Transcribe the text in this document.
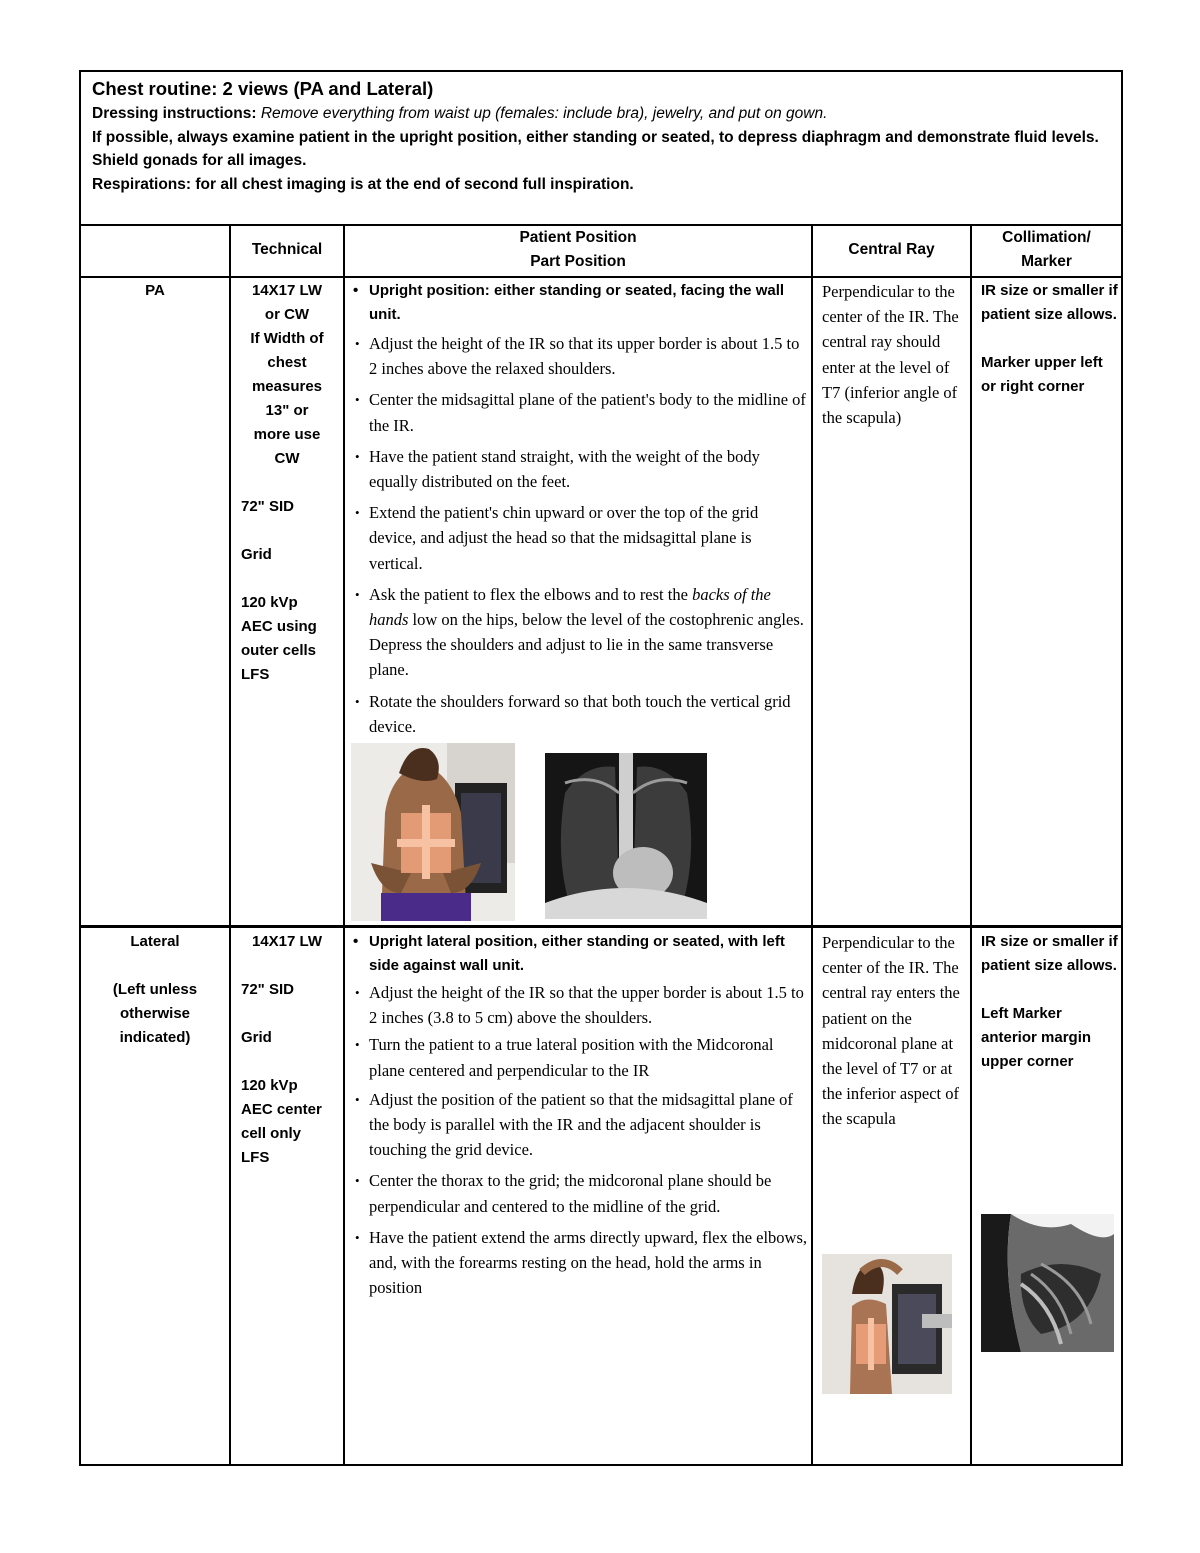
Chest routine: 2 views (PA and Lateral)
Dressing instructions: Remove everything from waist up (females: include bra), jewelry, and put on gown.
If possible, always examine patient in the upright position, either standing or seated, to depress diaphragm and demonstrate fluid levels.
Shield gonads for all images.
Respirations: for all chest imaging is at the end of second full inspiration.
Technical
Patient Position
Part Position
Central Ray
Collimation/
Marker
PA	14X17 LW
or CW
If Width of
chest
measures
13" or
more use
CW
72" SID
Grid
120 kVp
AEC using
outer cells
LFS
• Upright position: either standing or seated, facing the wall unit.
• Adjust the height of the IR so that its upper border is about 1.5 to 2 inches above the relaxed shoulders.
• Center the midsagittal plane of the patient's body to the midline of the IR.
• Have the patient stand straight, with the weight of the body equally distributed on the feet.
• Extend the patient's chin upward or over the top of the grid device, and adjust the head so that the midsagittal plane is vertical.
• Ask the patient to flex the elbows and to rest the backs of the hands low on the hips, below the level of the costophrenic angles. Depress the shoulders and adjust to lie in the same transverse plane.
• Rotate the shoulders forward so that both touch the vertical grid device.
Perpendicular to the center of the IR. The central ray should enter at the level of T7 (inferior angle of the scapula)
IR size or smaller if patient size allows.
Marker upper left or right corner
Lateral
(Left unless otherwise indicated)
14X17 LW
72" SID
Grid
120 kVp
AEC center
cell only
LFS
• Upright lateral position, either standing or seated, with left side against wall unit.
• Adjust the height of the IR so that the upper border is about 1.5 to 2 inches (3.8 to 5 cm) above the shoulders.
• Turn the patient to a true lateral position with the Midcoronal plane centered and perpendicular to the IR
• Adjust the position of the patient so that the midsagittal plane of the body is parallel with the IR and the adjacent shoulder is touching the grid device.
• Center the thorax to the grid; the midcoronal plane should be perpendicular and centered to the midline of the grid.
• Have the patient extend the arms directly upward, flex the elbows, and, with the forearms resting on the head, hold the arms in position
Perpendicular to the center of the IR. The central ray enters the patient on the midcoronal plane at the level of T7 or at the inferior aspect of the scapula
IR size or smaller if patient size allows.
Left Marker anterior margin upper corner
